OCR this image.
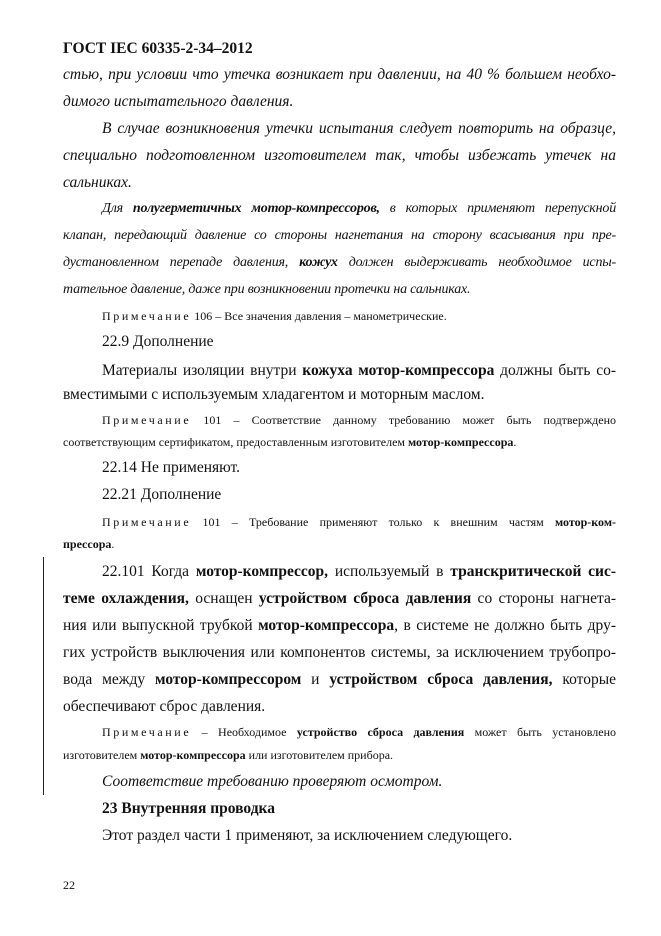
ГОСТ IEC 60335-2-34–2012
стью, при условии что утечка возникает при давлении, на 40 % большем необхо-
димого испытательного давления.
В случае возникновения утечки испытания следует повторить на образце,
специально подготовленном изготовителем так, чтобы избежать утечек на
сальниках.
Для полугерметичных мотор-компрессоров, в которых применяют перепускной
клапан, передающий давление со стороны нагнетания на сторону всасывания при пре-
дустановленном перепаде давления, кожух должен выдерживать необходимое испы-
тательное давление, даже при возникновении протечки на сальниках.
Примечание 106 – Все значения давления – манометрические.
22.9 Дополнение
Материалы изоляции внутри кожуха мотор-компрессора должны быть со-
вместимыми с используемым хладагентом и моторным маслом.
Примечание 101 – Соответствие данному требованию может быть подтверждено
соответствующим сертификатом, предоставленным изготовителем мотор-компрессора.
22.14 Не применяют.
22.21 Дополнение
Примечание 101 – Требование применяют только к внешним частям мотор-ком-
прессора.
22.101 Когда мотор-компрессор, используемый в транскритической сис-
теме охлаждения, оснащен устройством сброса давления со стороны нагнета-
ния или выпускной трубкой мотор-компрессора, в системе не должно быть дру-
гих устройств выключения или компонентов системы, за исключением трубопро-
вода между мотор-компрессором и устройством сброса давления, которые
обеспечивают сброс давления.
Примечание – Необходимое устройство сброса давления может быть установлено
изготовителем мотор-компрессора или изготовителем прибора.
Соответствие требованию проверяют осмотром.
23 Внутренняя проводка
Этот раздел части 1 применяют, за исключением следующего.
22
